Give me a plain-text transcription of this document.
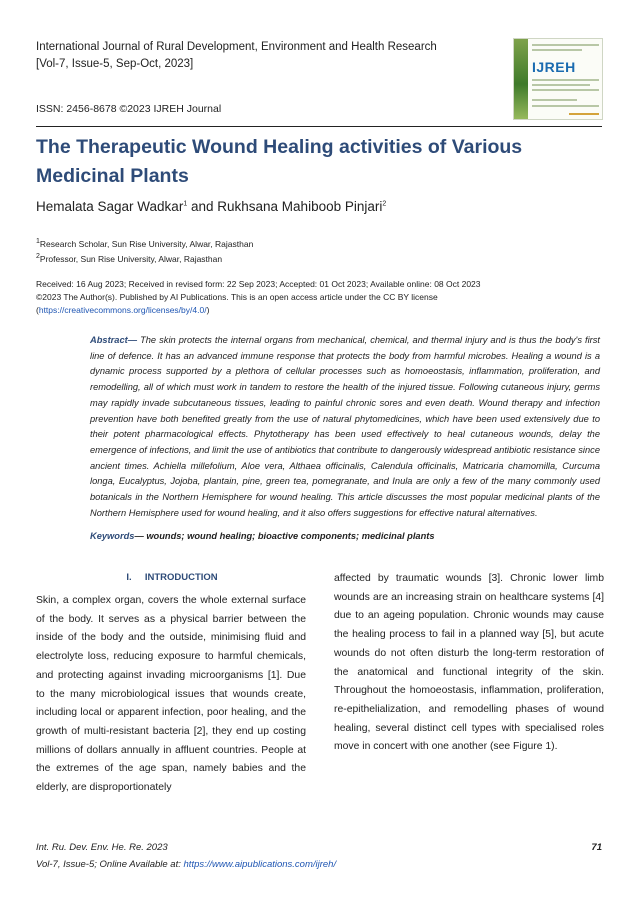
International Journal of Rural Development, Environment and Health Research
[Vol-7, Issue-5, Sep-Oct, 2023]	IJREH
ISSN: 2456-8678 ©2023 IJREH Journal
The Therapeutic Wound Healing activities of Various Medicinal Plants
Hemalata Sagar Wadkar$^1$ and Rukhsana Mahiboob Pinjari$^2$
$^1$Research Scholar, Sun Rise University, Alwar, Rajasthan
$^2$Professor, Sun Rise University, Alwar, Rajasthan
Received: 16 Aug 2023; Received in revised form: 22 Sep 2023; Accepted: 01 Oct 2023; Available online: 08 Oct 2023
©2023 The Author(s). Published by AI Publications. This is an open access article under the CC BY license
(https://creativecommons.org/licenses/by/4.0/)
Abstract— The skin protects the internal organs from mechanical, chemical, and thermal injury and is thus the body's first line of defence. It has an advanced immune response that protects the body from harmful microbes. Healing a wound is a dynamic process supported by a plethora of cellular processes such as homoeostasis, inflammation, proliferation, and remodelling, all of which must work in tandem to restore the health of the injured tissue. Following cutaneous injury, germs may rapidly invade subcutaneous tissues, leading to painful chronic sores and even death. Wound therapy and infection prevention have both benefited greatly from the use of natural phytomedicines, which have been used extensively due to their potent pharmacological effects. Phytotherapy has been used effectively to heal cutaneous wounds, delay the emergence of infections, and limit the use of antibiotics that contribute to dangerously widespread antibiotic resistance since ancient times. Achiella millefolium, Aloe vera, Althaea officinalis, Calendula officinalis, Matricaria chamomilla, Curcuma longa, Eucalyptus, Jojoba, plantain, pine, green tea, pomegranate, and Inula are only a few of the many commonly used botanicals in the Northern Hemisphere for wound healing. This article discusses the most popular medicinal plants of the Northern Hemisphere used for wound healing, and it also offers suggestions for effective natural alternatives.
Keywords— wounds; wound healing; bioactive components; medicinal plants
I.     INTRODUCTION

Skin, a complex organ, covers the whole external surface of the body. It serves as a physical barrier between the inside of the body and the outside, minimising fluid and electrolyte loss, reducing exposure to harmful chemicals, and protecting against invading microorganisms [1]. Due to the many microbiological issues that wounds create, including local or apparent infection, poor healing, and the growth of multi-resistant bacteria [2], they end up costing millions of dollars annually in affluent countries. People at the extremes of the age span, namely babies and the elderly, are disproportionately

affected by traumatic wounds [3]. Chronic lower limb wounds are an increasing strain on healthcare systems [4] due to an ageing population. Chronic wounds may cause the healing process to fail in a planned way [5], but acute wounds do not often disturb the long-term restoration of the anatomical and functional integrity of the skin. Throughout the homoeostasis, inflammation, proliferation, re-epithelialization, and remodelling phases of wound healing, several distinct cell types with specialised roles move in concert with one another (see Figure 1).

Int. Ru. Dev. Env. He. Re. 2023
Vol-7, Issue-5; Online Available at: https://www.aipublications.com/ijreh/
71
